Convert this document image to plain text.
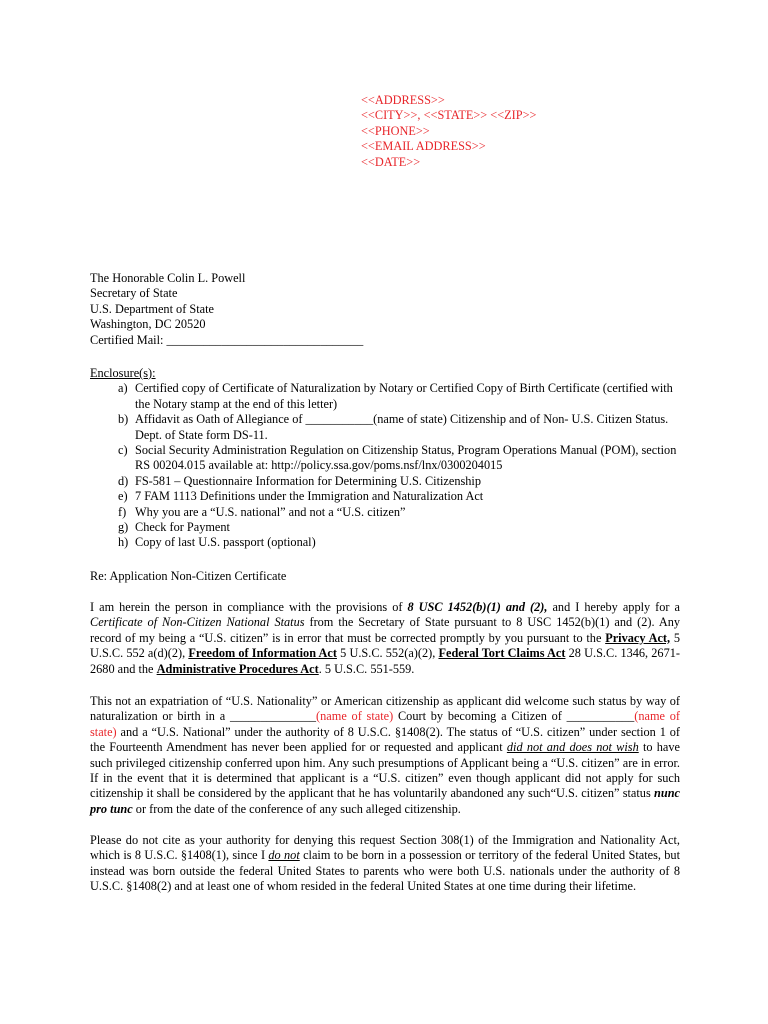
<<ADDRESS>>
<<CITY>>, <<STATE>> <<ZIP>>
<<PHONE>>
<<EMAIL ADDRESS>>
<<DATE>>
The Honorable Colin L. Powell
Secretary of State
U.S. Department of State
Washington, DC 20520
Certified Mail: ________________________________
Enclosure(s):
a) Certified copy of Certificate of Naturalization by Notary or Certified Copy of Birth Certificate (certified with the Notary stamp at the end of this letter)
b) Affidavit as Oath of Allegiance of ___________(name of state) Citizenship and of Non- U.S. Citizen Status. Dept. of State form DS-11.
c) Social Security Administration Regulation on Citizenship Status, Program Operations Manual (POM), section RS 00204.015 available at: http://policy.ssa.gov/poms.nsf/lnx/0300204015
d) FS-581 – Questionnaire Information for Determining U.S. Citizenship
e) 7 FAM 1113 Definitions under the Immigration and Naturalization Act
f) Why you are a “U.S. national” and not a “U.S. citizen”
g) Check for Payment
h) Copy of last U.S. passport (optional)
Re: Application Non-Citizen Certificate
I am herein the person in compliance with the provisions of 8 USC 1452(b)(1) and (2), and I hereby apply for a Certificate of Non-Citizen National Status from the Secretary of State pursuant to 8 USC 1452(b)(1) and (2). Any record of my being a “U.S. citizen” is in error that must be corrected promptly by you pursuant to the Privacy Act, 5 U.S.C. 552 a(d)(2), Freedom of Information Act 5 U.S.C. 552(a)(2), Federal Tort Claims Act 28 U.S.C. 1346, 2671-2680 and the Administrative Procedures Act. 5 U.S.C. 551-559.
This not an expatriation of “U.S. Nationality” or American citizenship as applicant did welcome such status by way of naturalization or birth in a ______________(name of state) Court by becoming a Citizen of ___________(name of state) and a “U.S. National” under the authority of 8 U.S.C. §1408(2). The status of “U.S. citizen” under section 1 of the Fourteenth Amendment has never been applied for or requested and applicant did not and does not wish to have such privileged citizenship conferred upon him. Any such presumptions of Applicant being a “U.S. citizen” are in error. If in the event that it is determined that applicant is a “U.S. citizen” even though applicant did not apply for such citizenship it shall be considered by the applicant that he has voluntarily abandoned any such“U.S. citizen” status nunc pro tunc or from the date of the conference of any such alleged citizenship.
Please do not cite as your authority for denying this request Section 308(1) of the Immigration and Nationality Act, which is 8 U.S.C. §1408(1), since I do not claim to be born in a possession or territory of the federal United States, but instead was born outside the federal United States to parents who were both U.S. nationals under the authority of 8 U.S.C. §1408(2) and at least one of whom resided in the federal United States at one time during their lifetime.
